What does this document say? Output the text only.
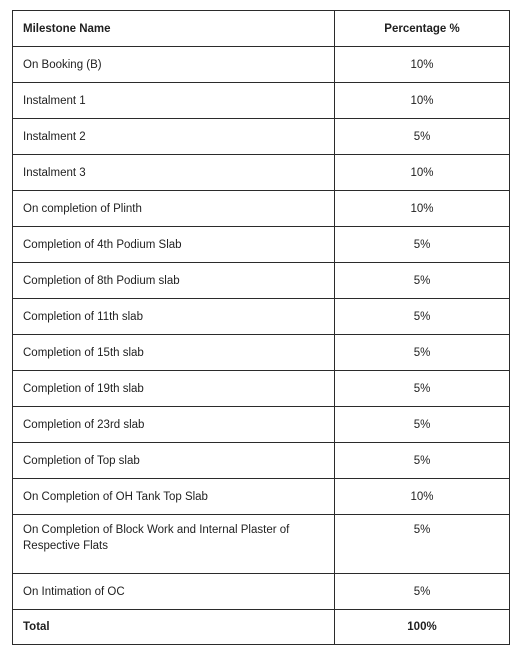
Milestone Name	Percentage %
On Booking (B)	10%
Instalment 1	10%
Instalment 2	5%
Instalment 3	10%
On completion of Plinth	10%
Completion of 4th Podium Slab	5%
Completion of 8th Podium slab	5%
Completion of 11th slab	5%
Completion of 15th slab	5%
Completion of 19th slab	5%
Completion of 23rd slab	5%
Completion of Top slab	5%
On Completion of OH Tank Top Slab	10%
On Completion of Block Work and Internal Plaster of Respective Flats	5%
On Intimation of OC	5%
Total	100%
